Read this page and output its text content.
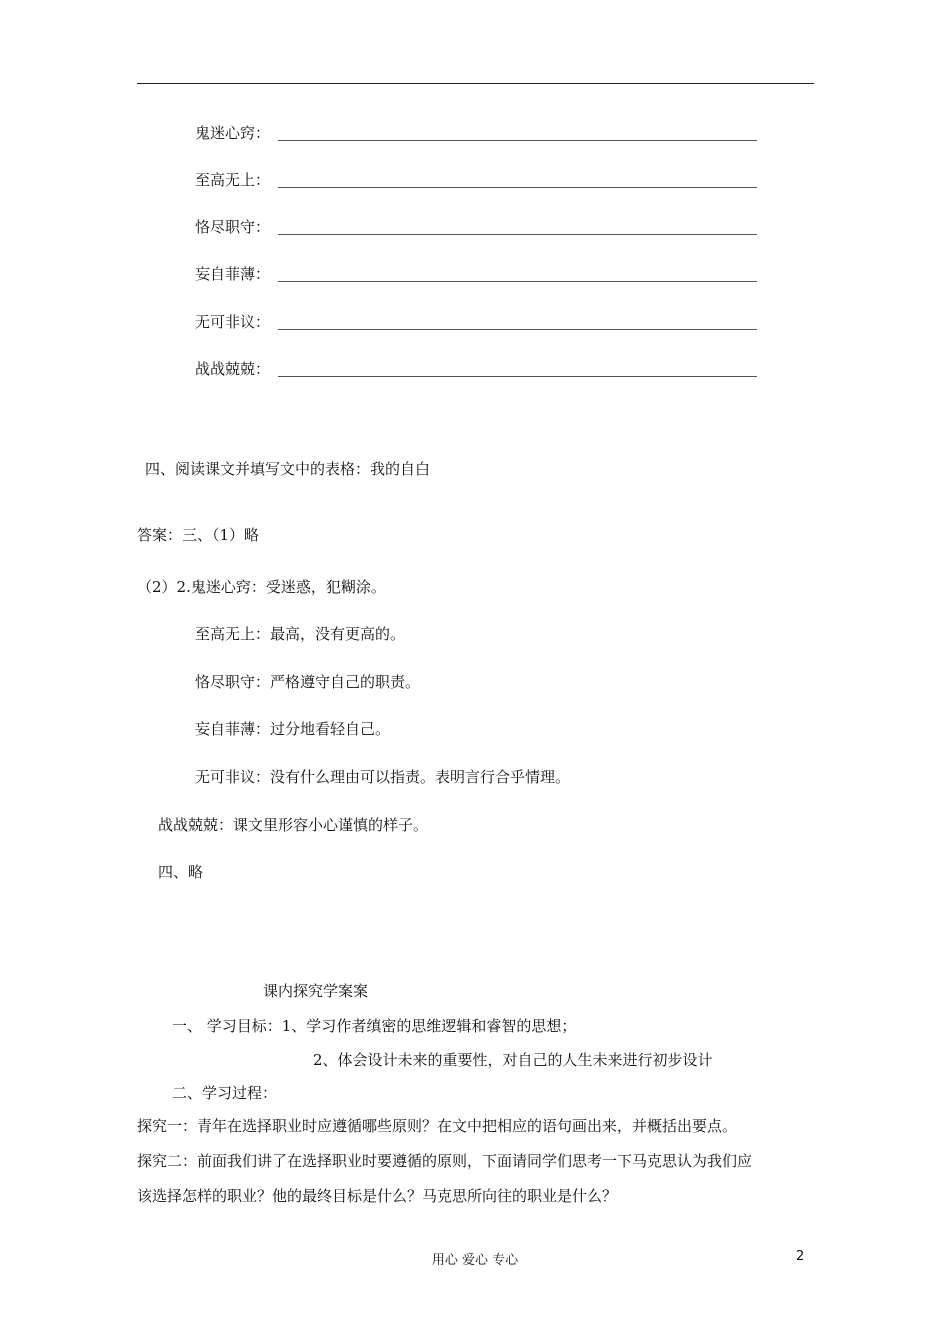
鬼迷心窍：
至高无上：
恪尽职守：
妄自菲薄：
无可非议：
战战兢兢：
四、阅读课文并填写文中的表格：我的自白
答案：三、（1）略
（2）2.鬼迷心窍：受迷惑，犯糊涂。
至高无上：最高，没有更高的。
恪尽职守：严格遵守自己的职责。
妄自菲薄：过分地看轻自己。
无可非议：没有什么理由可以指责。表明言行合乎情理。
战战兢兢：课文里形容小心谨慎的样子。
四、略
课内探究学案案
一、 学习目标：1、学习作者缜密的思维逻辑和睿智的思想；
2、体会设计未来的重要性，对自己的人生未来进行初步设计
二、学习过程：
探究一：青年在选择职业时应遵循哪些原则？在文中把相应的语句画出来，并概括出要点。
探究二：前面我们讲了在选择职业时要遵循的原则，下面请同学们思考一下马克思认为我们应
该选择怎样的职业？他的最终目标是什么？马克思所向往的职业是什么？
用心 爱心 专心	2
